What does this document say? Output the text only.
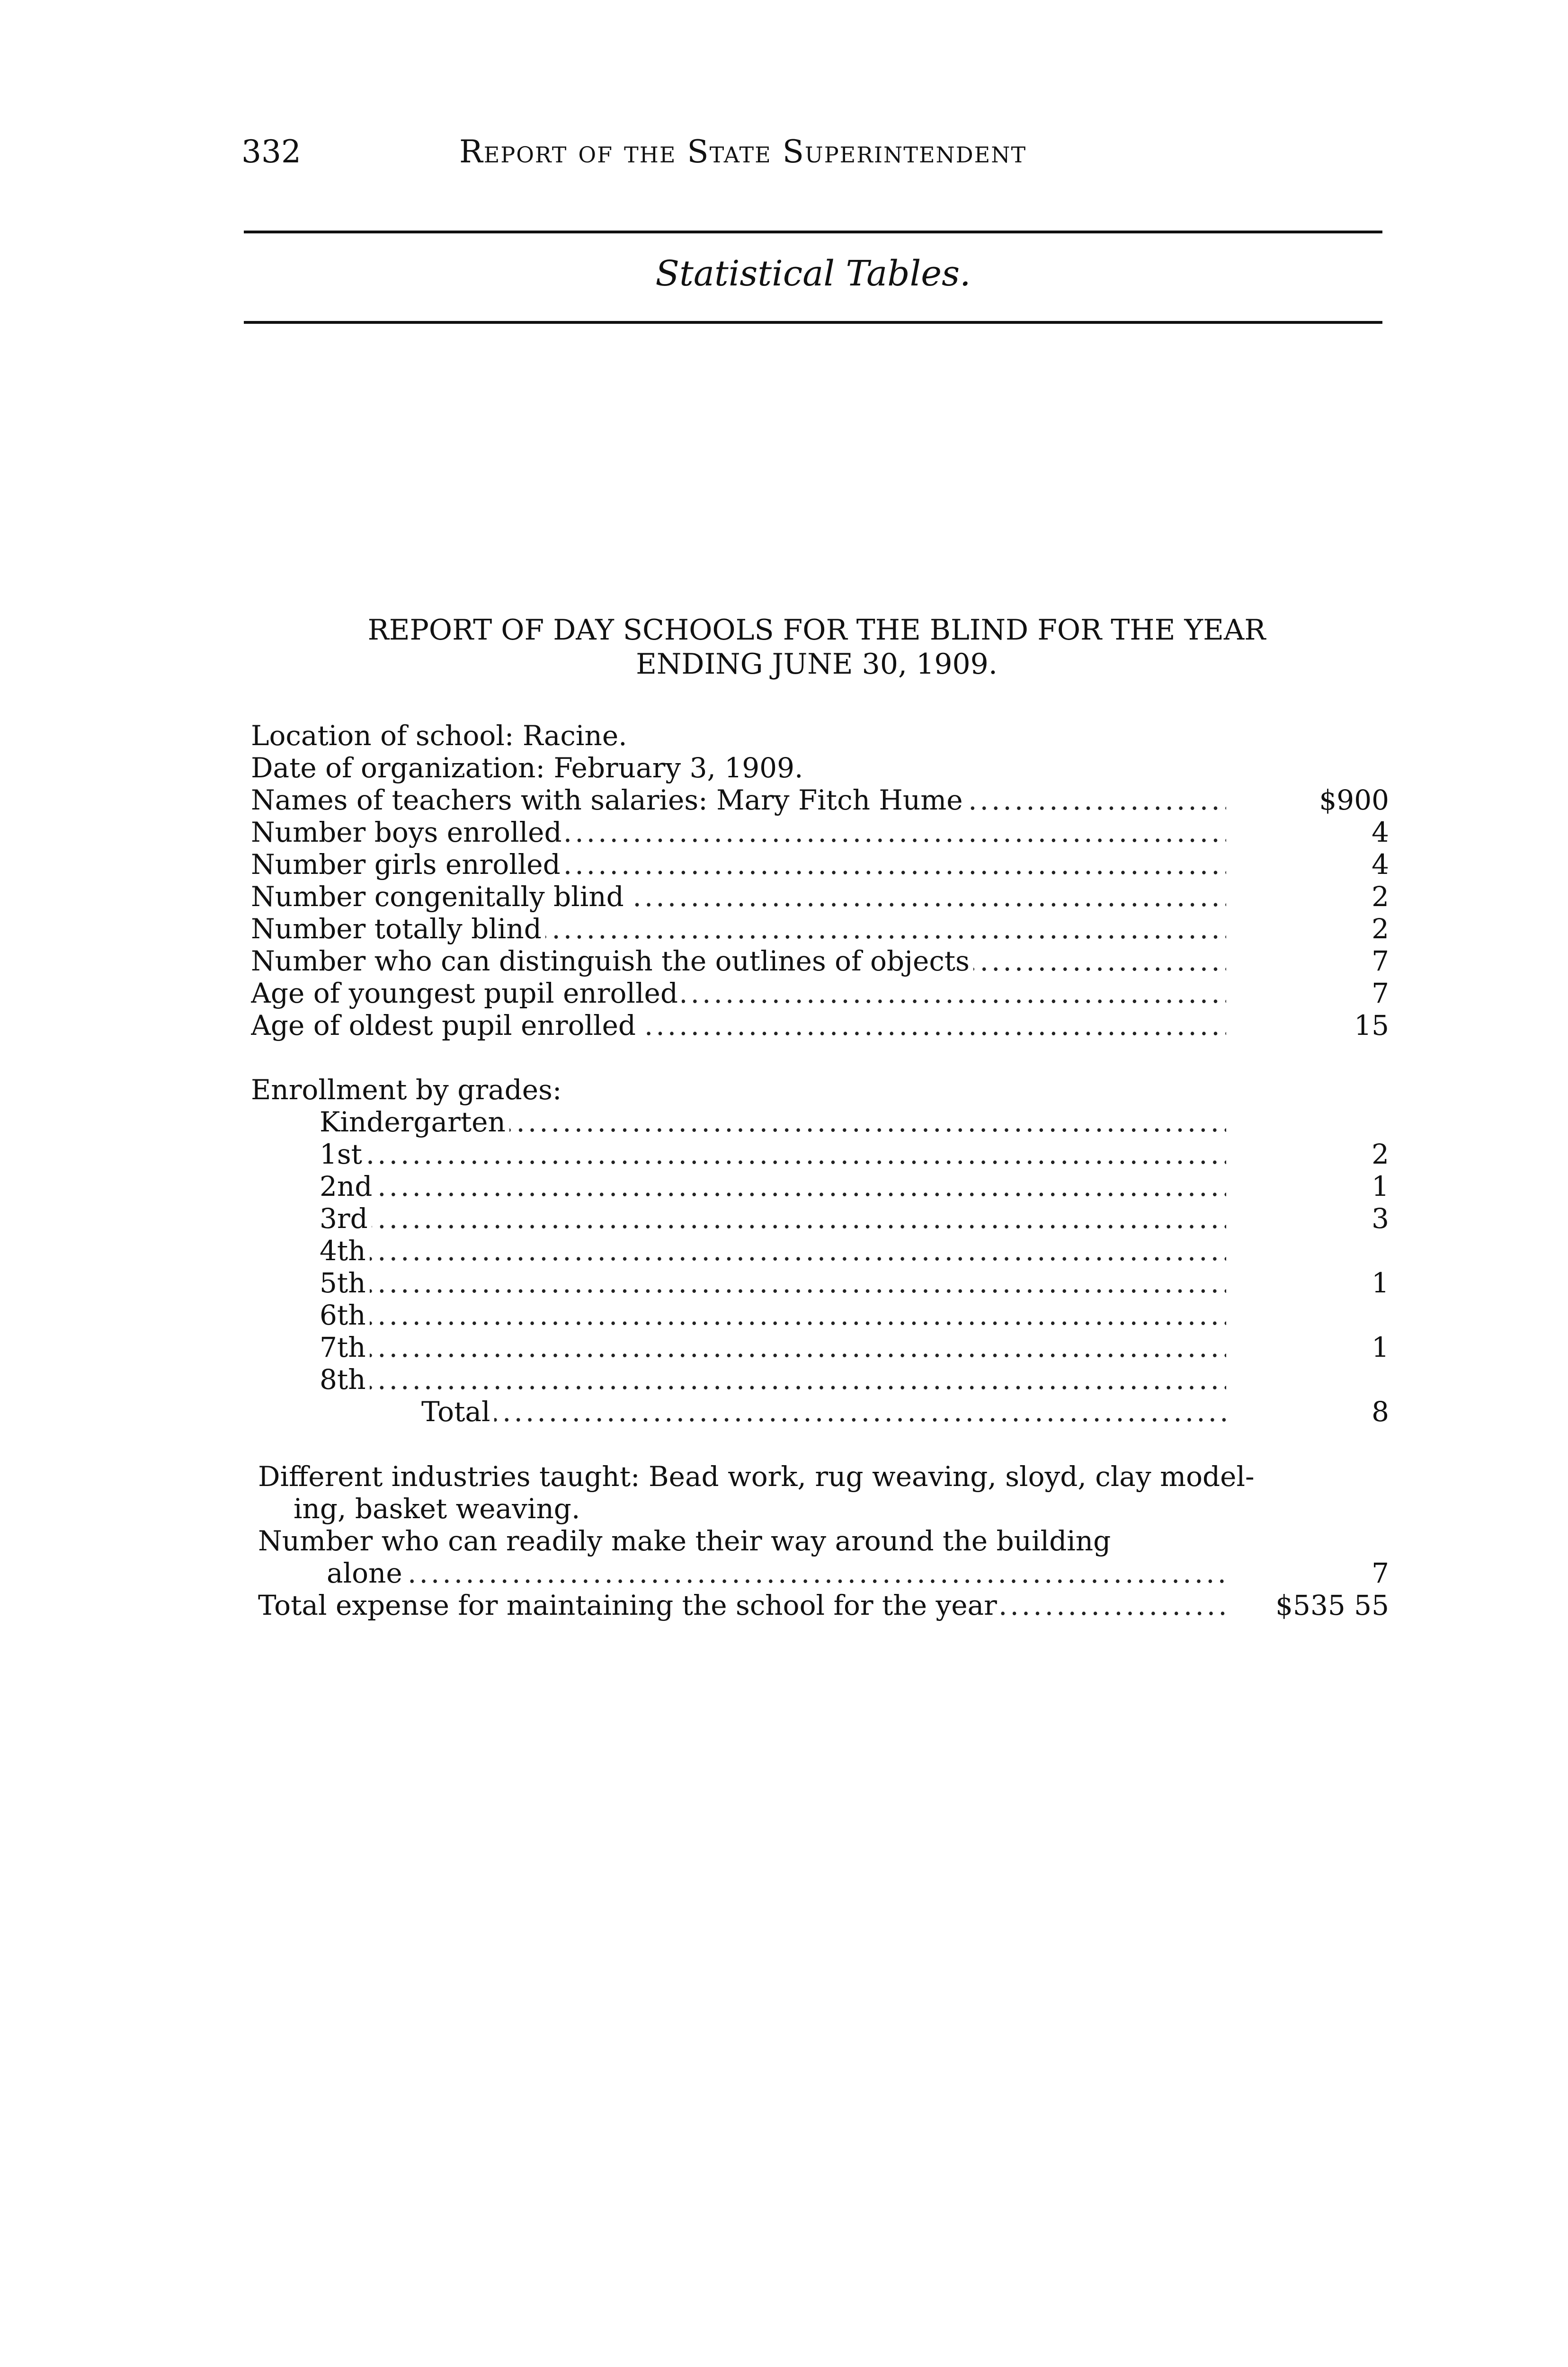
332	Report of the State Superintendent
Statistical Tables.
REPORT OF DAY SCHOOLS FOR THE BLIND FOR THE YEAR
ENDING JUNE 30, 1909.
Location of school: Racine.
Date of organization: February 3, 1909.
Names of teachers with salaries: Mary Fitch Hume .....	$900
Number boys enrolled .....	4
Number girls enrolled .....	4
Number congenitally blind .....	2
Number totally blind .....	2
Number who can distinguish the outlines of objects .....	7
Age of youngest pupil enrolled .....	7
Age of oldest pupil enrolled .....	15
Enrollment by grades:
Kindergarten .....
1st .....	2
2nd .....	1
3rd .....	3
4th .....
5th .....	1
6th .....
7th .....	1
8th .....
Total .....	8
Different industries taught: Bead work, rug weaving, sloyd, clay model-
ing, basket weaving.
Number who can readily make their way around the building
alone .....	7
Total expense for maintaining the school for the year .....	$535 55
